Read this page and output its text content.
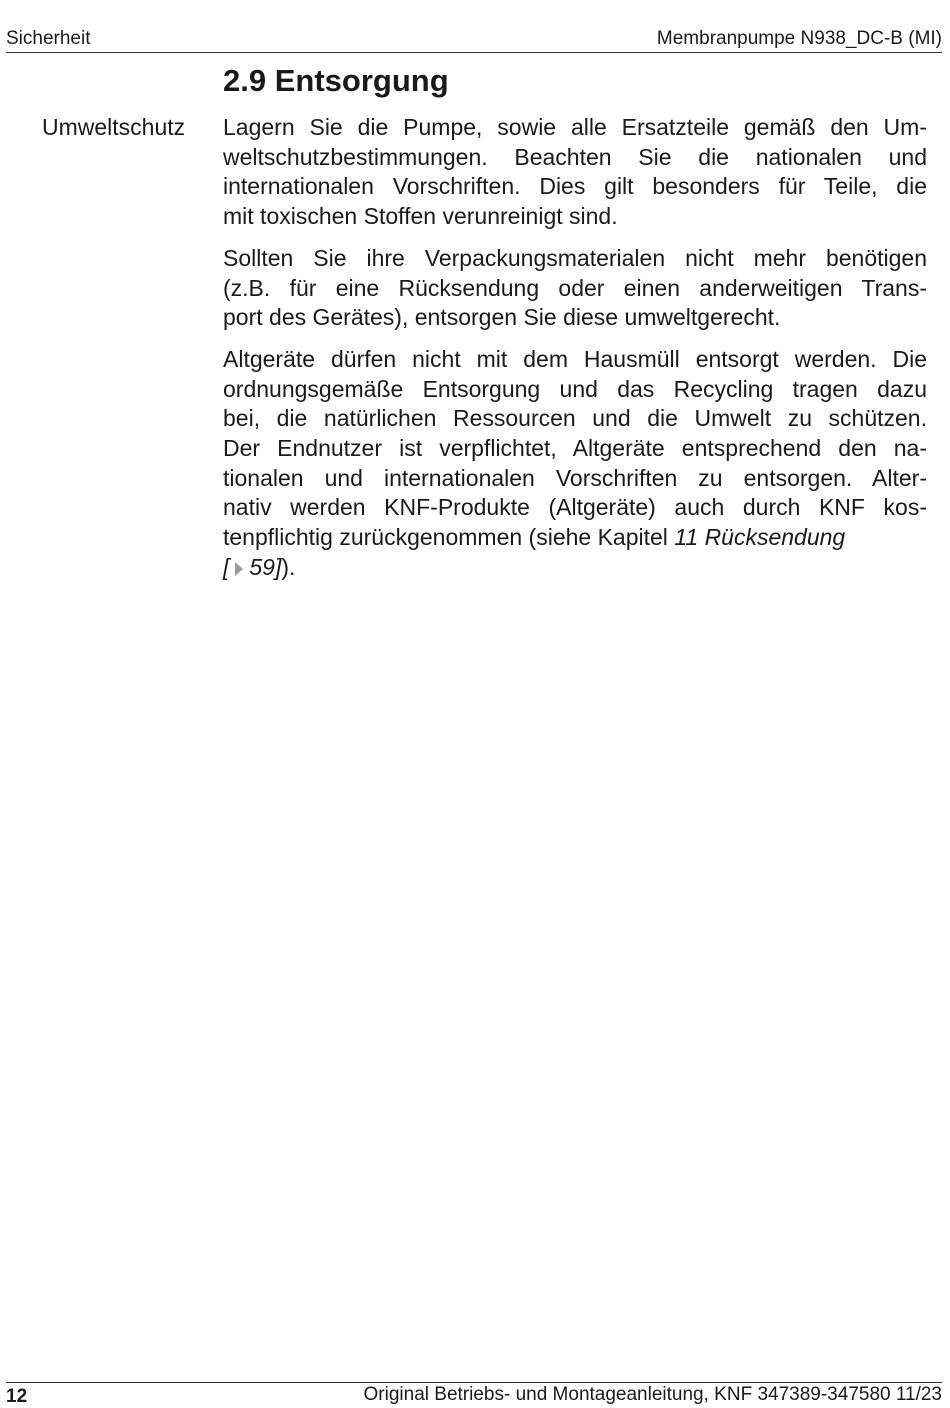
Sicherheit	Membranpumpe N938_DC-B (MI)
2.9 Entsorgung
Umweltschutz Lagern Sie die Pumpe, sowie alle Ersatzteile gemäß den Um-
weltschutzbestimmungen. Beachten Sie die nationalen und
internationalen Vorschriften. Dies gilt besonders für Teile, die
mit toxischen Stoffen verunreinigt sind.

Sollten Sie ihre Verpackungsmaterialen nicht mehr benötigen
(z.B. für eine Rücksendung oder einen anderweitigen Trans-
port des Gerätes), entsorgen Sie diese umweltgerecht.

Altgeräte dürfen nicht mit dem Hausmüll entsorgt werden. Die
ordnungsgemäße Entsorgung und das Recycling tragen dazu
bei, die natürlichen Ressourcen und die Umwelt zu schützen.
Der Endnutzer ist verpflichtet, Altgeräte entsprechend den na-
tionalen und internationalen Vorschriften zu entsorgen. Alter-
nativ werden KNF-Produkte (Altgeräte) auch durch KNF kos-
tenpflichtig zurückgenommen (siehe Kapitel 11 Rücksendung
[ 59]).

12	Original Betriebs- und Montageanleitung, KNF 347389-347580 11/23
